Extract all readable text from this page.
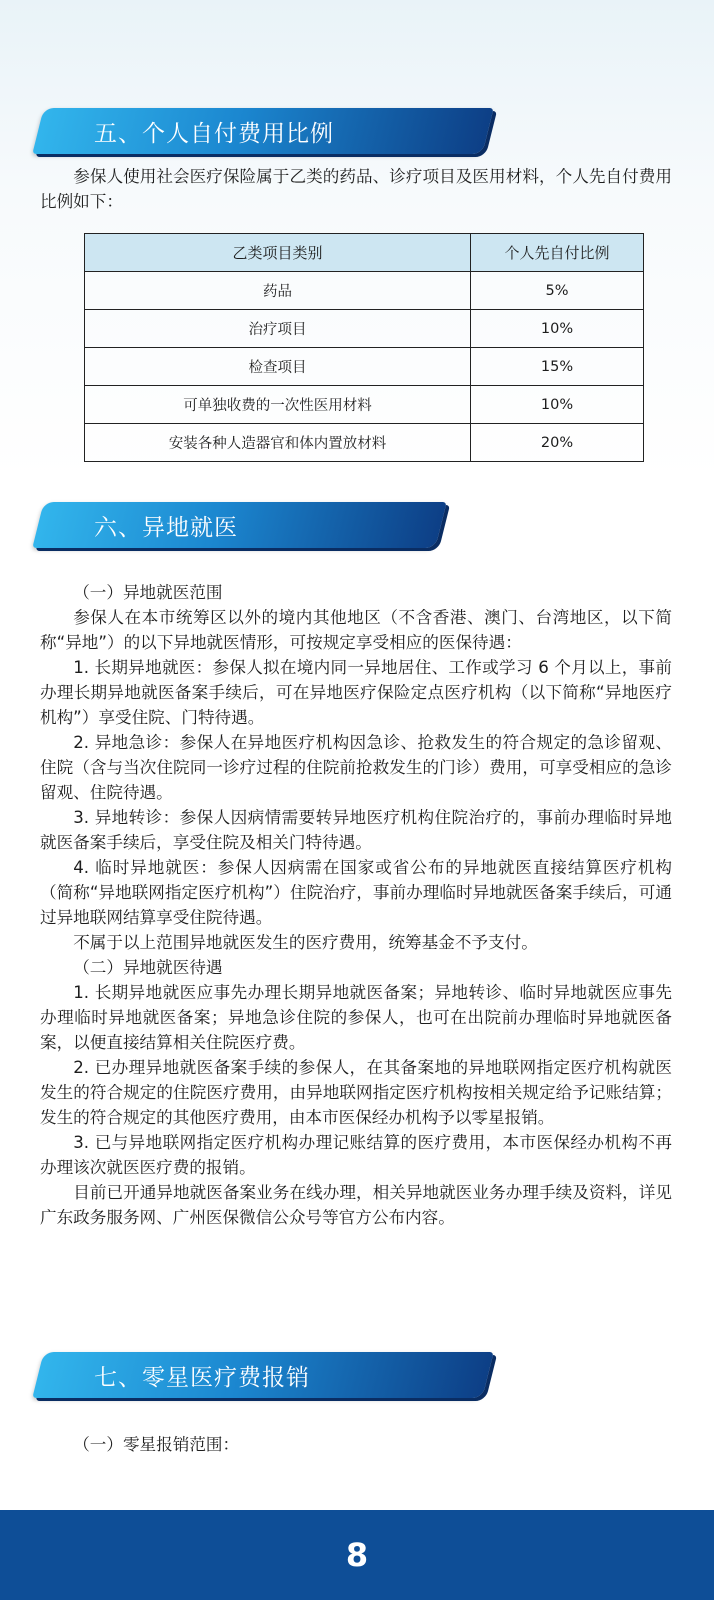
五、个人自付费用比例

参保人使用社会医疗保险属于乙类的药品、诊疗项目及医用材料，个人先自付费用比例如下：

乙类项目类别	个人先自付比例
药品	5%
治疗项目	10%
检查项目	15%
可单独收费的一次性医用材料	10%
安装各种人造器官和体内置放材料	20%
六、异地就医

（一）异地就医范围

参保人在本市统筹区以外的境内其他地区（不含香港、澳门、台湾地区，以下简称“异地”）的以下异地就医情形，可按规定享受相应的医保待遇：

1. 长期异地就医：参保人拟在境内同一异地居住、工作或学习 6 个月以上，事前办理长期异地就医备案手续后，可在异地医疗保险定点医疗机构（以下简称“异地医疗机构”）享受住院、门特待遇。

2. 异地急诊：参保人在异地医疗机构因急诊、抢救发生的符合规定的急诊留观、住院（含与当次住院同一诊疗过程的住院前抢救发生的门诊）费用，可享受相应的急诊留观、住院待遇。

3. 异地转诊：参保人因病情需要转异地医疗机构住院治疗的，事前办理临时异地就医备案手续后，享受住院及相关门特待遇。

4. 临时异地就医：参保人因病需在国家或省公布的异地就医直接结算医疗机构（简称“异地联网指定医疗机构”）住院治疗，事前办理临时异地就医备案手续后，可通过异地联网结算享受住院待遇。

不属于以上范围异地就医发生的医疗费用，统筹基金不予支付。

（二）异地就医待遇

1. 长期异地就医应事先办理长期异地就医备案；异地转诊、临时异地就医应事先办理临时异地就医备案；异地急诊住院的参保人，也可在出院前办理临时异地就医备案，以便直接结算相关住院医疗费。

2. 已办理异地就医备案手续的参保人，在其备案地的异地联网指定医疗机构就医发生的符合规定的住院医疗费用，由异地联网指定医疗机构按相关规定给予记账结算；发生的符合规定的其他医疗费用，由本市医保经办机构予以零星报销。

3. 已与异地联网指定医疗机构办理记账结算的医疗费用，本市医保经办机构不再办理该次就医医疗费的报销。

目前已开通异地就医备案业务在线办理，相关异地就医业务办理手续及资料，详见广东政务服务网、广州医保微信公众号等官方公布内容。

七、零星医疗费报销

（一）零星报销范围：

8
